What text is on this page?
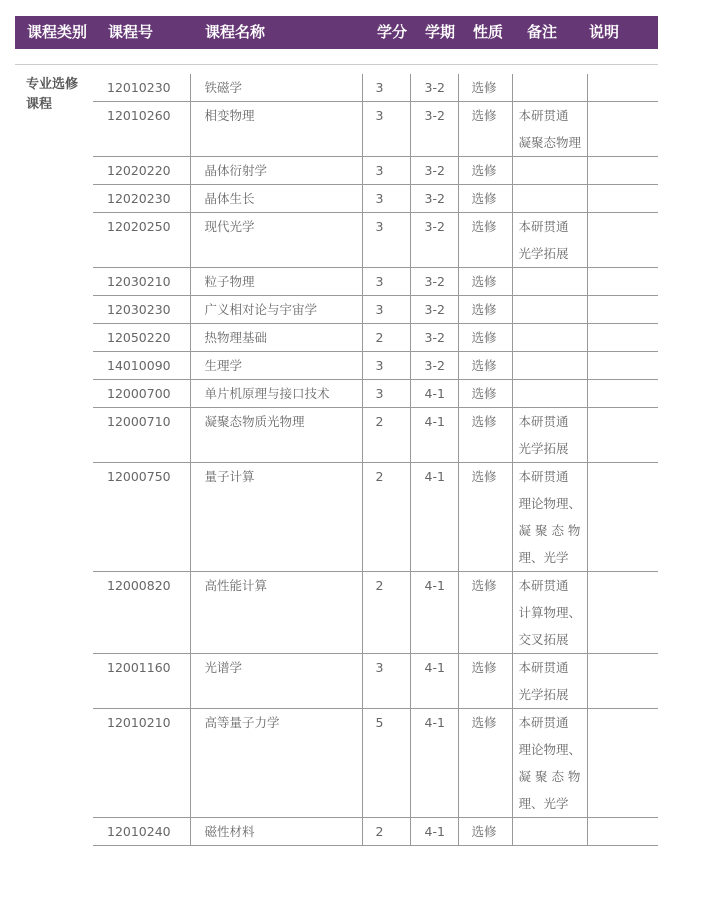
课程类别 课程号	课程名称	学分 学期 性质 备注 说明
专业选修
课程
12010230	铁磁学	3	3-2	选修		
12010260	相变物理	3	3-2	选修	本研贯通
凝聚态物理	

12020220	晶体衍射学	3	3-2	选修		
12020230	晶体生长	3	3-2	选修		
12020250	现代光学	3	3-2	选修	本研贯通
光学拓展	

12030210	粒子物理	3	3-2	选修		
12030230	广义相对论与宇宙学	3	3-2	选修		
12050220	热物理基础	2	3-2	选修		
14010090	生理学	3	3-2	选修		
12000700	单片机原理与接口技术	3	4-1	选修		
12000710	凝聚态物质光物理	2	4-1	选修	本研贯通
光学拓展	

12000750	量子计算	2	4-1	选修	本研贯通
理论物理、
凝 聚 态 物
理、光学	

12000820	高性能计算	2	4-1	选修	本研贯通
计算物理、
交叉拓展	

12001160	光谱学	3	4-1	选修	本研贯通
光学拓展	

12010210	高等量子力学	5	4-1	选修	本研贯通
理论物理、
凝 聚 态 物
理、光学	

12010240	磁性材料	2	4-1	选修		
